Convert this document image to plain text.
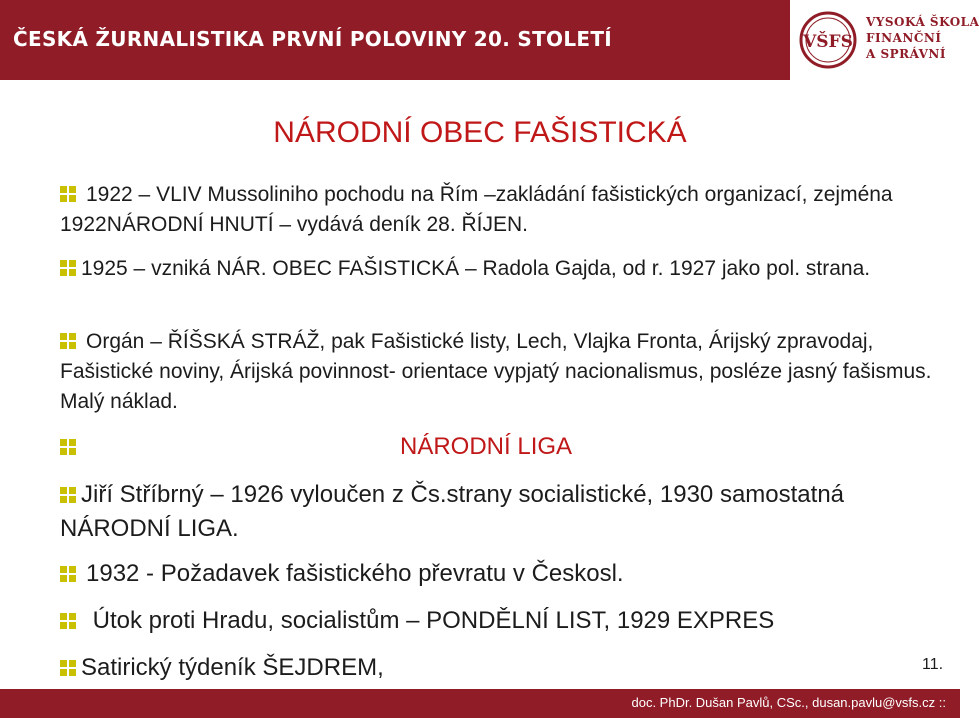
ČESKÁ ŽURNALISTIKA PRVNÍ POLOVINY 20. STOLETÍ	VŠFS
VYSOKÁ ŠKOLA
FINANČNÍ
A SPRÁVNÍ
NÁRODNÍ OBEC FAŠISTICKÁ
1922 – VLIV Mussoliniho pochodu na Řím –zakládání fašistických organizací, zejména 1922NÁRODNÍ HNUTÍ – vydává deník 28. ŘÍJEN.
1925 – vzniká NÁR. OBEC FAŠISTICKÁ – Radola Gajda, od r. 1927 jako pol. strana.
Orgán – ŘÍŠSKÁ STRÁŽ, pak Fašistické listy, Lech, Vlajka Fronta, Árijský zpravodaj, Fašistické noviny, Árijská povinnost- orientace vypjatý nacionalismus, posléze jasný fašismus. Malý náklad.
NÁRODNÍ LIGA
Jiří Stříbrný – 1926 vyloučen z Čs.strany socialistické, 1930 samostatná NÁRODNÍ LIGA.
1932 - Požadavek fašistického převratu v Českosl.
Útok proti Hradu, socialistům – PONDĚLNÍ LIST, 1929 EXPRES
Satirický týdeník ŠEJDREM,	11.
doc. PhDr. Dušan Pavlů, CSc., dusan.pavlu@vsfs.cz ::
